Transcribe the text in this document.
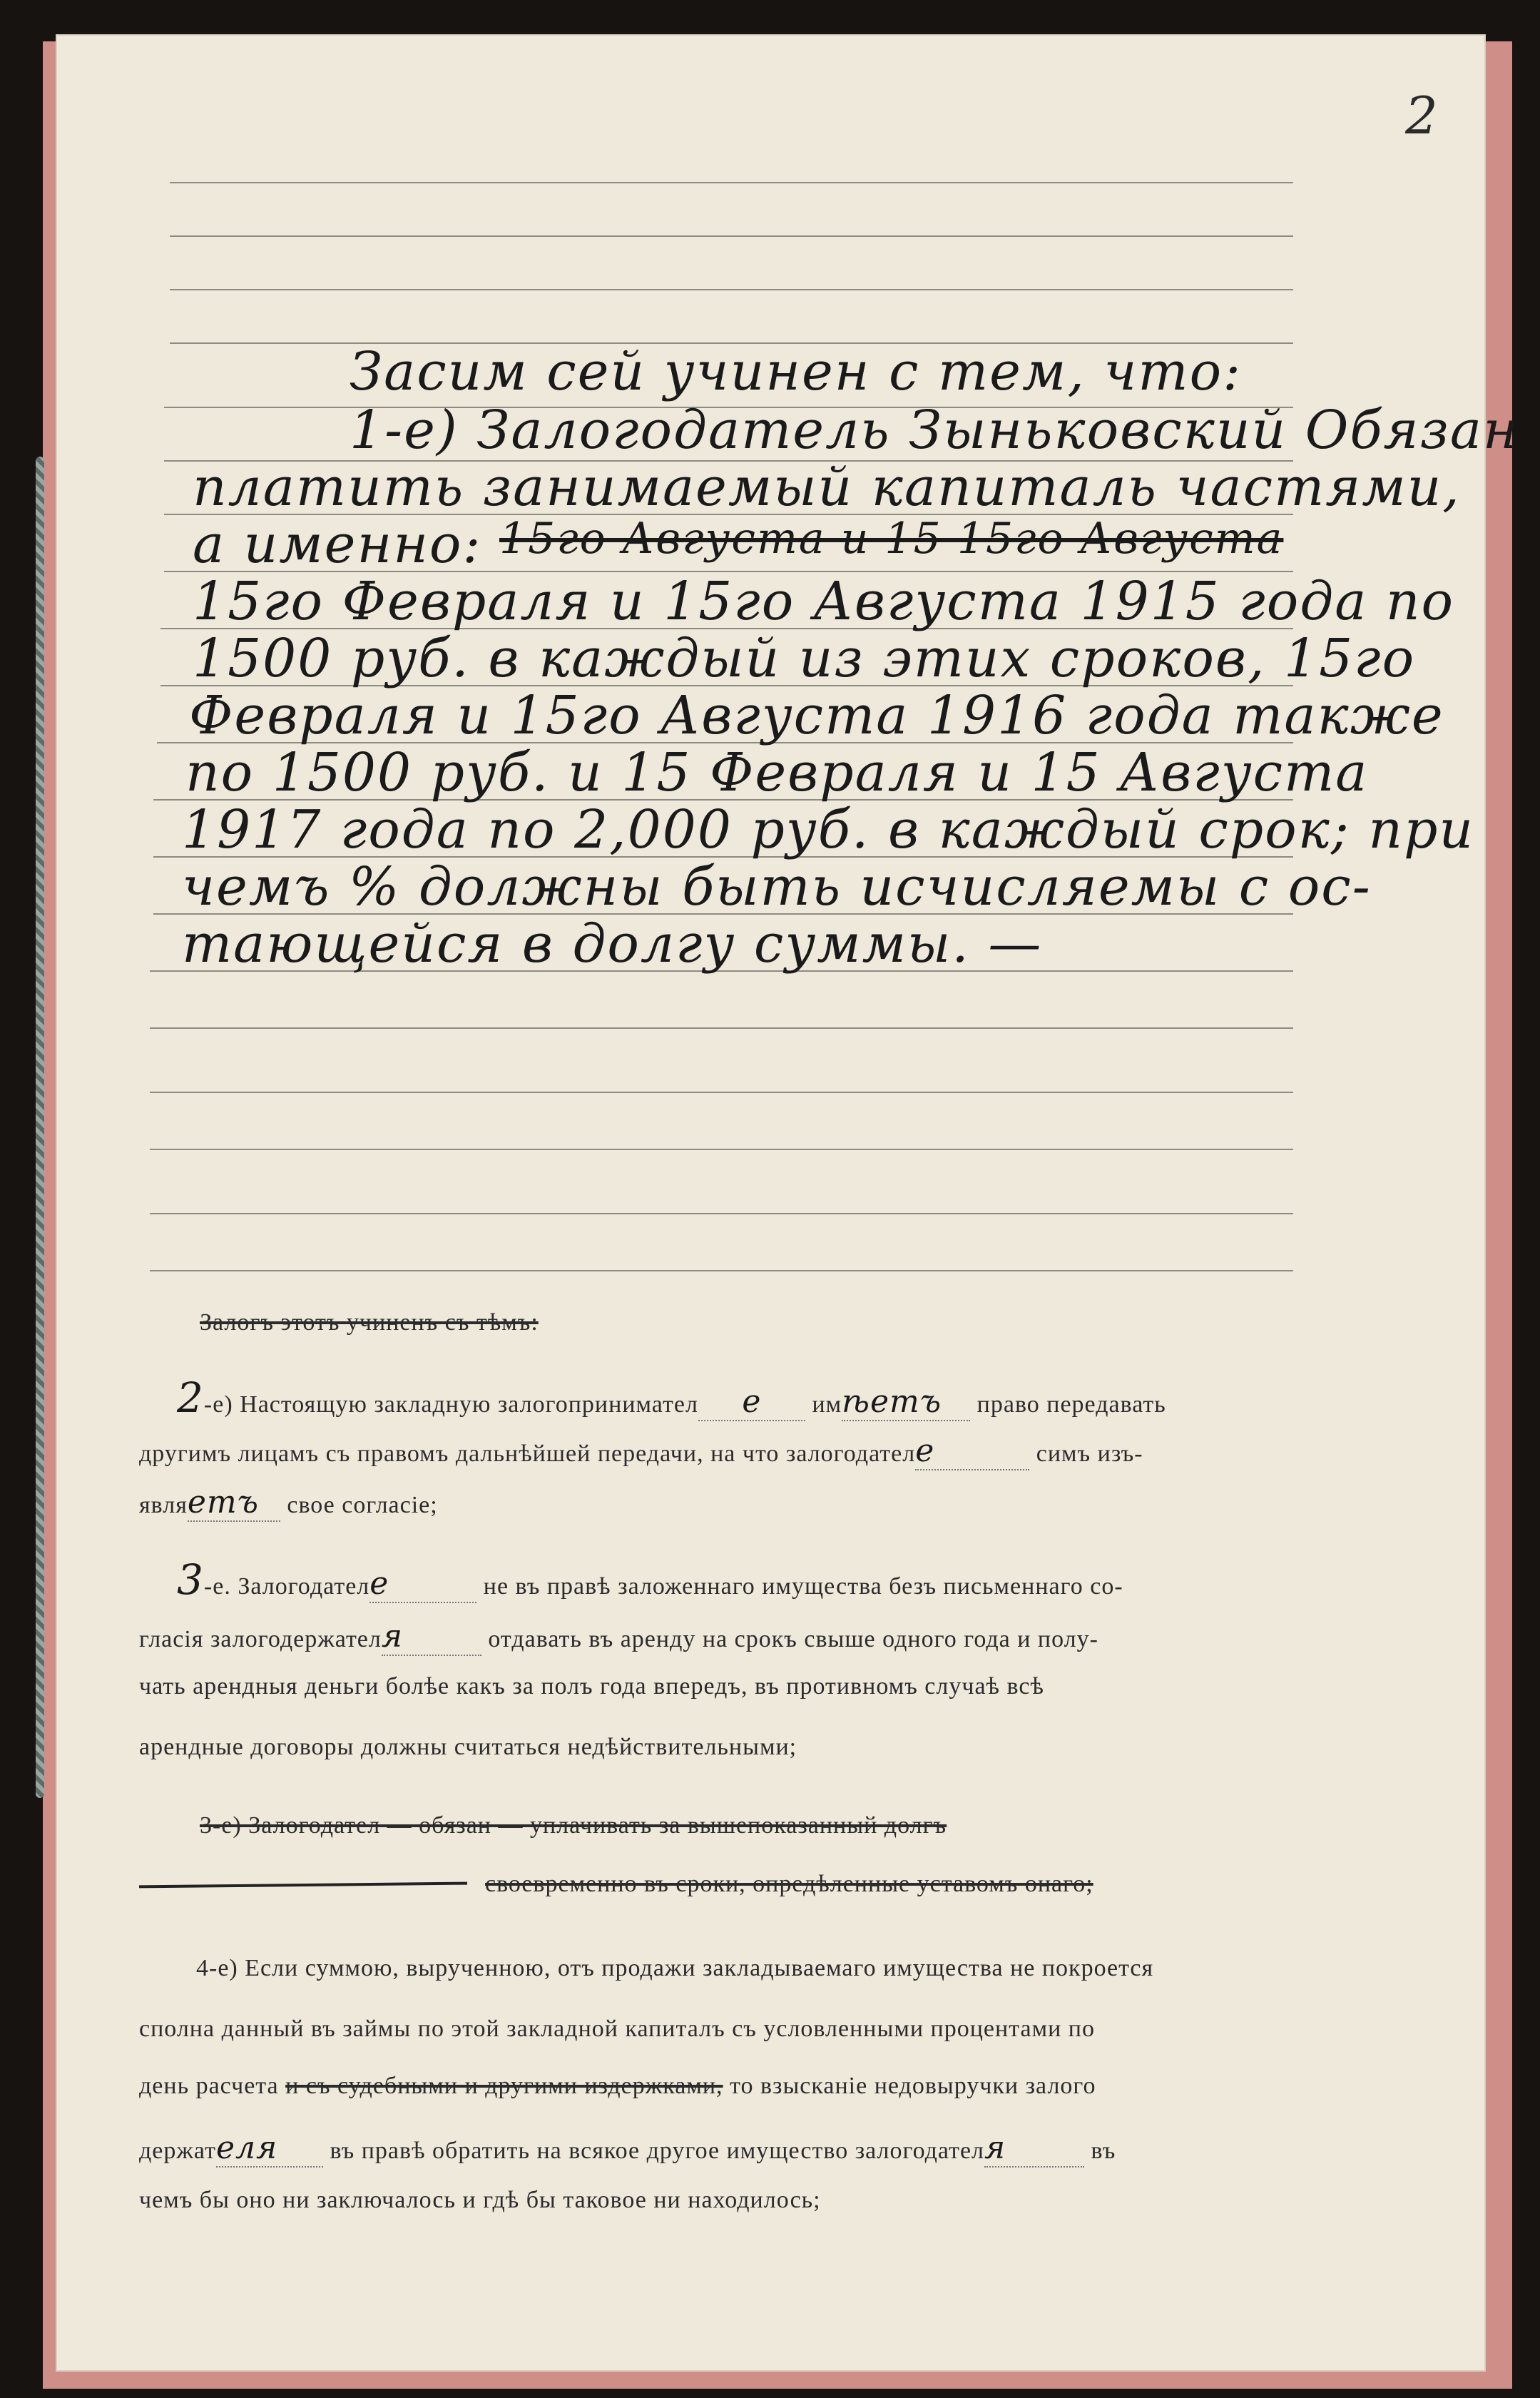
2
Засим сей учинен с тем, что:
1-е) Залогодатель Зыньковский Обязан
платить занимаемый капиталь частями,
а именно: 15го Августа и 15 15го Августа
15го Февраля и 15го Августа 1915 года по
1500 руб. в каждый из этих сроков, 15го
Февраля и 15го Августа 1916 года также
по 1500 руб. и 15 Февраля и 15 Августа
1917 года по 2,000 руб. в каждый срок; при
чемъ % должны быть исчисляемы с ос-
тающейся в долгу суммы. —
Залогъ этотъ учиненъ съ тѣмъ:
2-е) Настоящую закладную залогопринимател е имѣетъ право передавать
другимъ лицамъ съ правомъ дальнѣйшей передачи, на что залогодателе	симъ изъ-
являетъ свое согласіе;
3-е. Залогодателе	не въ правѣ заложеннаго имущества безъ письменнаго со-
гласія залогодержателя	отдавать въ аренду на срокъ свыше одного года и полу-
чать арендныя деньги болѣе какъ за полъ года впередъ, въ противномъ случаѣ всѣ
арендные договоры должны считаться недѣйствительными;
3-е) Залогодател — обязан — уплачивать за вышепоказанный долгъ
своевременно въ сроки, опредѣленные уставомъ онаго;
4-е) Если суммою, вырученною, отъ продажи закладываемаго имущества не покроется
сполна данный въ займы по этой закладной капиталъ съ условленными процентами по
день расчета и съ судебными и другими издержками, то взысканіе недовыручки залого
держателя въ правѣ обратить на всякое другое имущество залогодателя	въ
чемъ бы оно ни заключалось и гдѣ бы таковое ни находилось;
